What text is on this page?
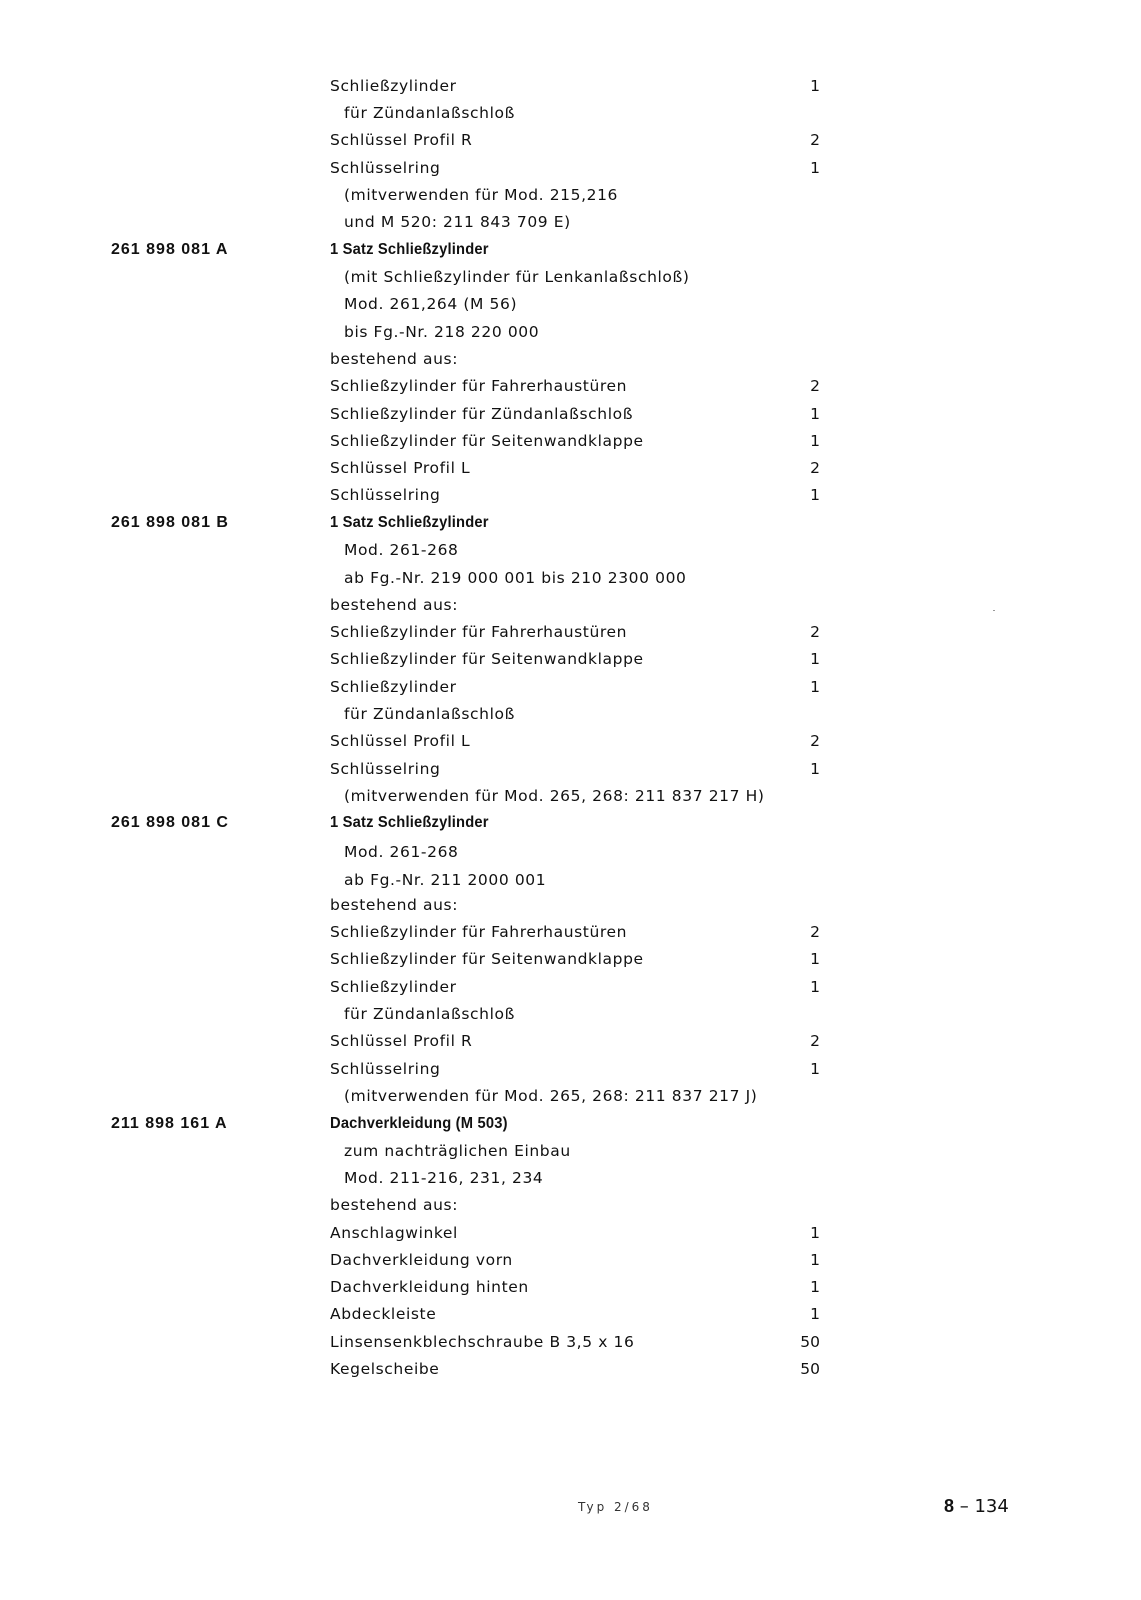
Schließzylinder	1
für Zündanlaßschloß
Schlüssel Profil R	2
Schlüsselring	1
(mitverwenden für Mod. 215,216
und M 520: 211 843 709 E)
261 898 081 A	1 Satz Schließzylinder
(mit Schließzylinder für Lenkanlaßschloß)
Mod. 261,264 (M 56)
bis Fg.-Nr. 218 220 000
bestehend aus:
Schließzylinder für Fahrerhaustüren	2
Schließzylinder für Zündanlaßschloß	1
Schließzylinder für Seitenwandklappe	1
Schlüssel Profil L	2
Schlüsselring	1
261 898 081 B	1 Satz Schließzylinder
Mod. 261-268
ab Fg.-Nr. 219 000 001 bis 210 2300 000
bestehend aus:
Schließzylinder für Fahrerhaustüren	2
Schließzylinder für Seitenwandklappe	1
Schließzylinder	1
für Zündanlaßschloß
Schlüssel Profil L	2
Schlüsselring	1
(mitverwenden für Mod. 265, 268: 211 837 217 H)
261 898 081 C	1 Satz Schließzylinder
Mod. 261-268
ab Fg.-Nr. 211 2000 001
bestehend aus:
Schließzylinder für Fahrerhaustüren	2
Schließzylinder für Seitenwandklappe	1
Schließzylinder	1
für Zündanlaßschloß
Schlüssel Profil R	2
Schlüsselring	1
(mitverwenden für Mod. 265, 268: 211 837 217 J)
211 898 161 A	Dachverkleidung (M 503)
zum nachträglichen Einbau
Mod. 211-216, 231, 234
bestehend aus:
Anschlagwinkel	1
Dachverkleidung vorn	1
Dachverkleidung hinten	1
Abdeckleiste	1
Linsensenkblechschraube B 3,5 x 16	50
Kegelscheibe	50
Typ 2/68	8 – 134
